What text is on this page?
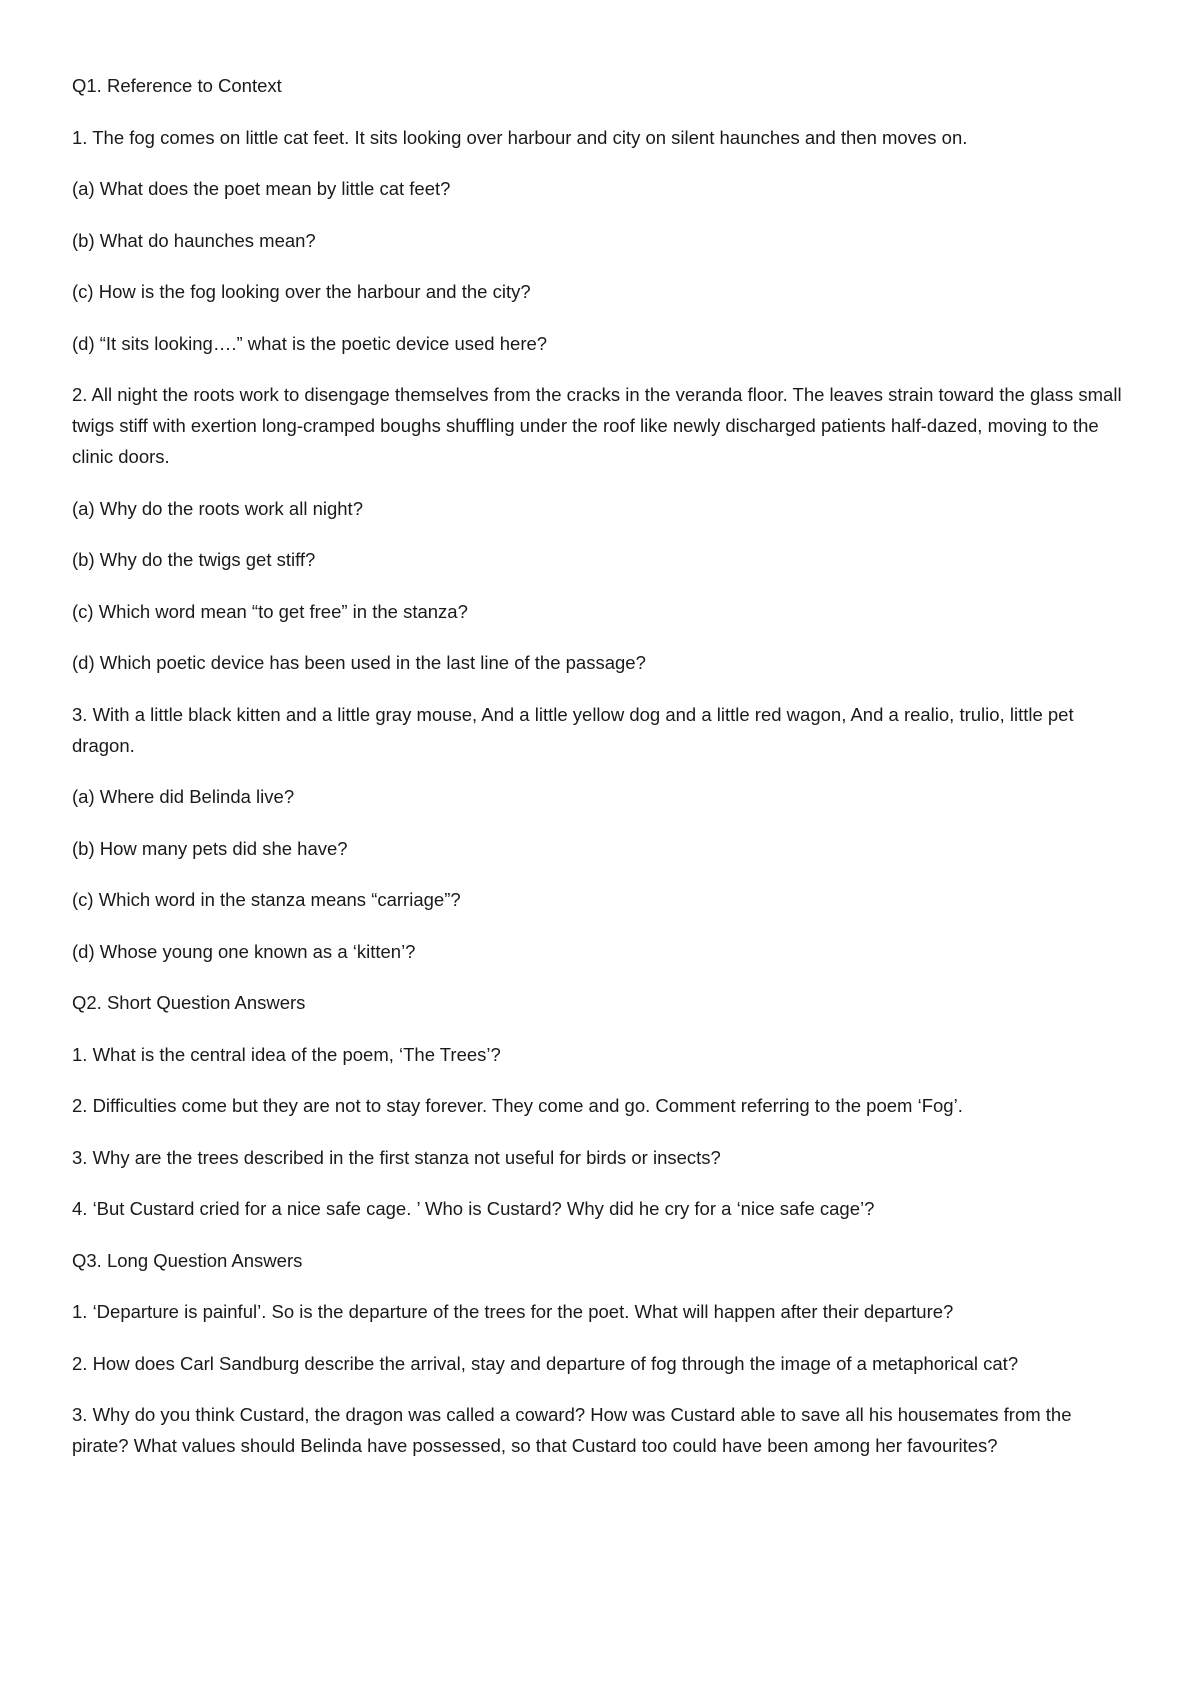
Q1. Reference to Context

1. The fog comes on little cat feet. It sits looking over harbour and city on silent haunches and then moves on.

(a) What does the poet mean by little cat feet?

(b) What do haunches mean?

(c) How is the fog looking over the harbour and the city?

(d) “It sits looking….” what is the poetic device used here?

2. All night the roots work to disengage themselves from the cracks in the veranda floor. The leaves strain toward the glass small twigs stiff with exertion long-cramped boughs shuffling under the roof like newly discharged patients half-dazed, moving to the clinic doors.

(a) Why do the roots work all night?

(b) Why do the twigs get stiff?

(c) Which word mean “to get free” in the stanza?

(d) Which poetic device has been used in the last line of the passage?

3. With a little black kitten and a little gray mouse, And a little yellow dog and a little red wagon, And a realio, trulio, little pet dragon.

(a) Where did Belinda live?

(b) How many pets did she have?

(c) Which word in the stanza means “carriage”?

(d) Whose young one known as a ‘kitten’?

Q2. Short Question Answers

1. What is the central idea of the poem, ‘The Trees’?

2. Difficulties come but they are not to stay forever. They come and go. Comment referring to the poem ‘Fog’.

3. Why are the trees described in the first stanza not useful for birds or insects?

4. ‘But Custard cried for a nice safe cage. ’ Who is Custard? Why did he cry for a ‘nice safe cage’?

Q3. Long Question Answers

1. ‘Departure is painful’. So is the departure of the trees for the poet. What will happen after their departure?

2. How does Carl Sandburg describe the arrival, stay and departure of fog through the image of a metaphorical cat?

3. Why do you think Custard, the dragon was called a coward? How was Custard able to save all his housemates from the pirate? What values should Belinda have possessed, so that Custard too could have been among her favourites?
